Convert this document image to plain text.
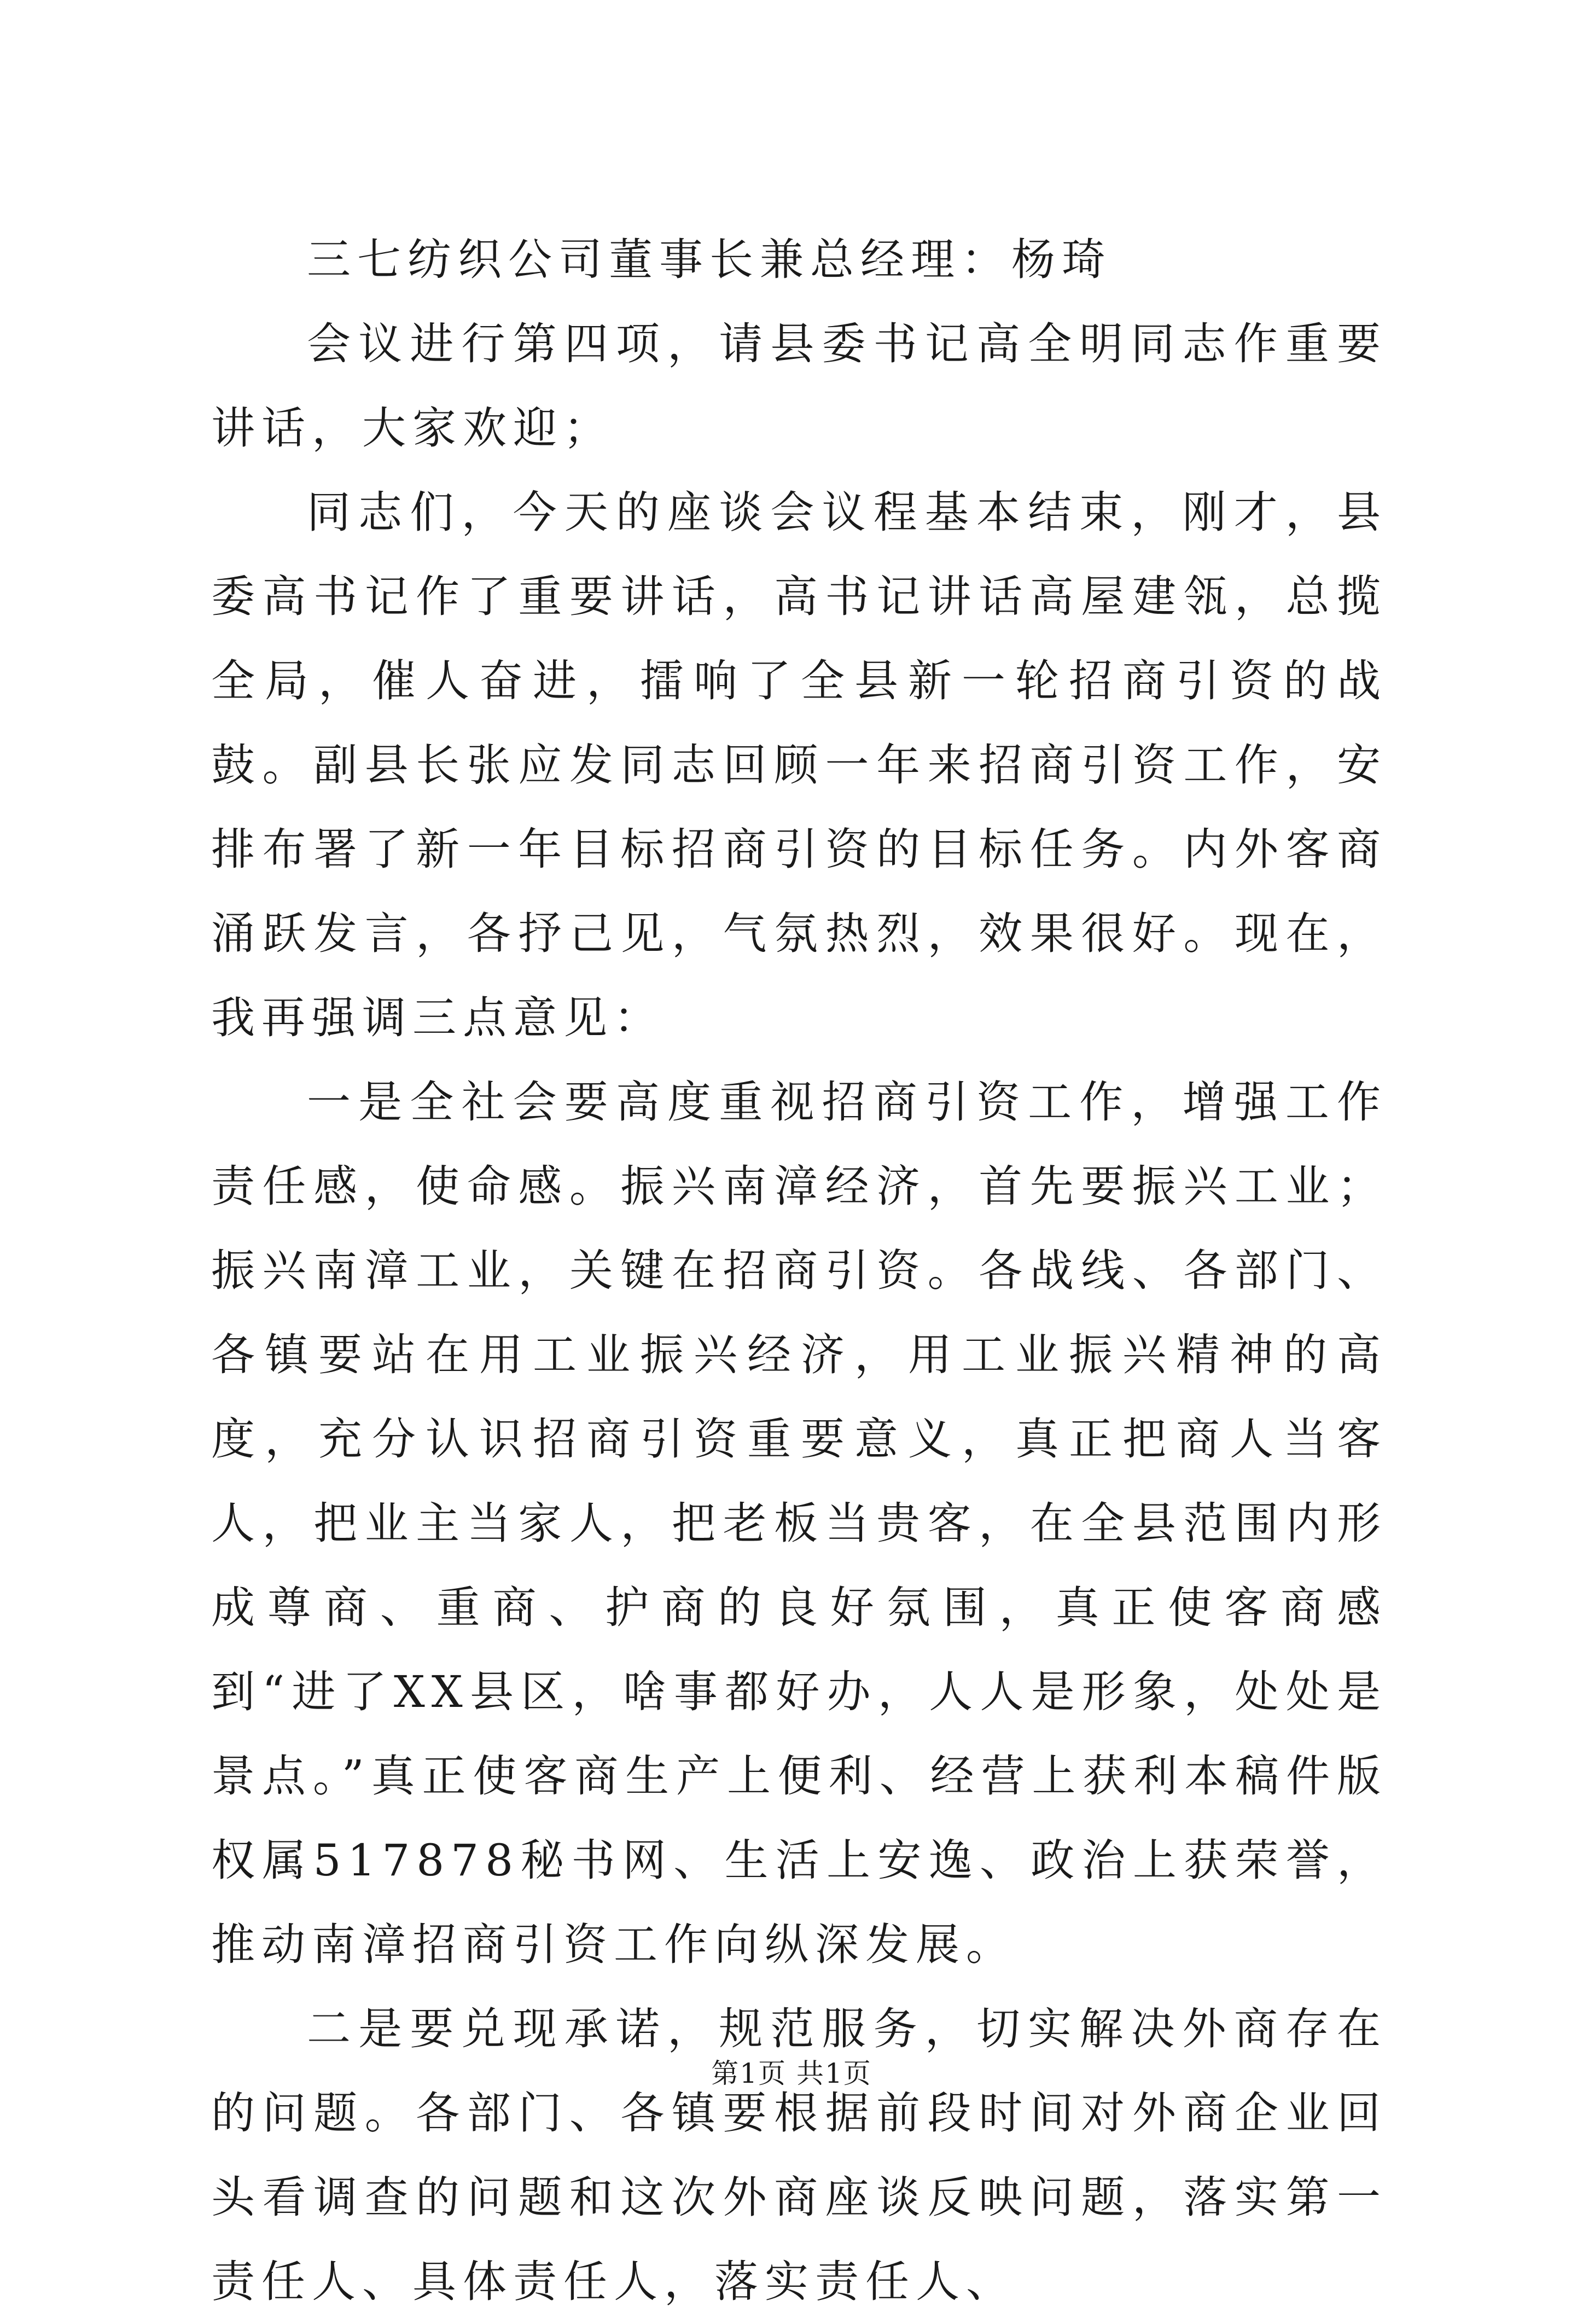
三七纺织公司董事长兼总经理：杨琦

会议进行第四项，请县委书记高全明同志作重要讲话，大家欢迎；

同志们，今天的座谈会议程基本结束，刚才，县委高书记作了重要讲话，高书记讲话高屋建瓴，总揽全局，催人奋进，擂响了全县新一轮招商引资的战鼓。副县长张应发同志回顾一年来招商引资工作，安排布署了新一年目标招商引资的目标任务。内外客商涌跃发言，各抒己见，气氛热烈，效果很好。现在，我再强调三点意见：

一是全社会要高度重视招商引资工作，增强工作责任感，使命感。振兴南漳经济，首先要振兴工业；振兴南漳工业，关键在招商引资。各战线、各部门、各镇要站在用工业振兴经济，用工业振兴精神的高度，充分认识招商引资重要意义，真正把商人当客人，把业主当家人，把老板当贵客，在全县范围内形成尊商、重商、护商的良好氛围，真正使客商感到“进了XX县区，啥事都好办，人人是形象，处处是景点。”真正使客商生产上便利、经营上获利本稿件版权属517878秘书网、生活上安逸、政治上获荣誉，推动南漳招商引资工作向纵深发展。

二是要兑现承诺，规范服务，切实解决外商存在的问题。各部门、各镇要根据前段时间对外商企业回头看调查的问题和这次外商座谈反映问题，落实第一责任人、具体责任人，落实责任人、

第1页 共1页
